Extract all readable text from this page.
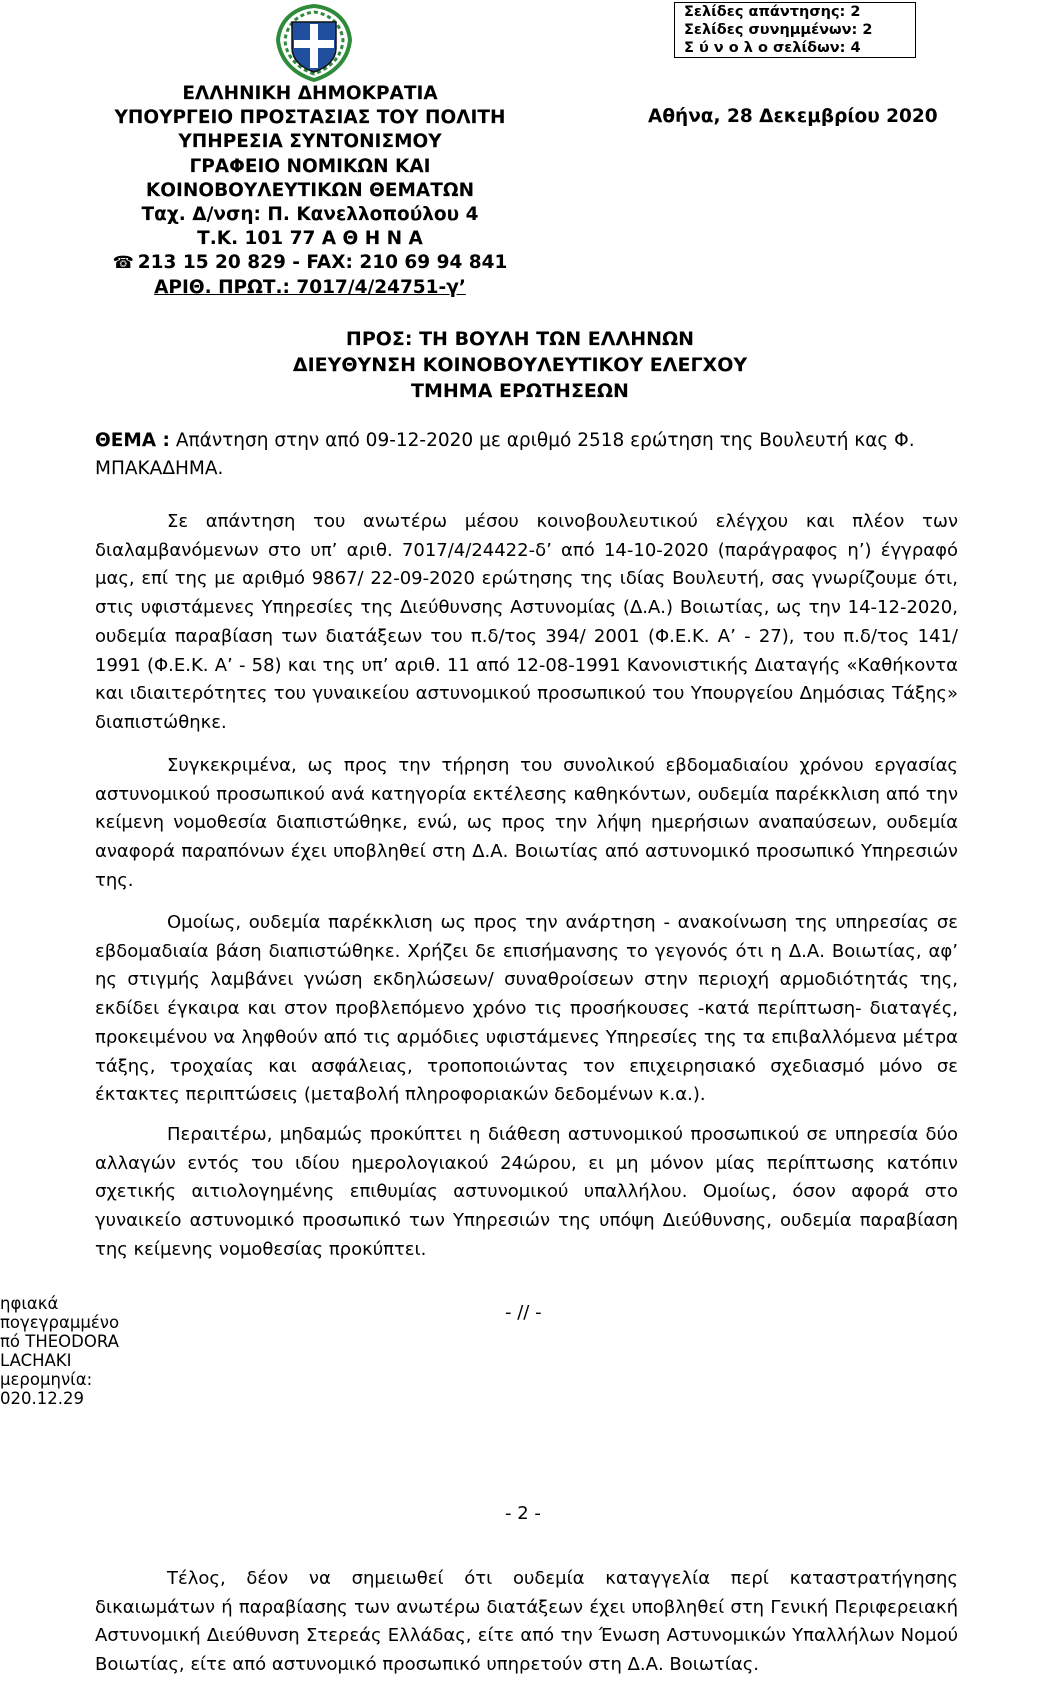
Σελίδες απάντησης: 2
Σελίδες συνημμένων: 2
Σ ύ ν ο λ ο σελίδων: 4
ΕΛΛΗΝΙΚΗ ΔΗΜΟΚΡΑΤΙΑ
ΥΠΟΥΡΓΕΙΟ ΠΡΟΣΤΑΣΙΑΣ ΤΟΥ ΠΟΛΙΤΗ
ΥΠΗΡΕΣΙΑ ΣΥΝΤΟΝΙΣΜΟΥ
ΓΡΑΦΕΙΟ ΝΟΜΙΚΩΝ ΚΑΙ
ΚΟΙΝΟΒΟΥΛΕΥΤΙΚΩΝ ΘΕΜΑΤΩΝ
Ταχ. Δ/νση: Π. Κανελλοπούλου 4
Τ.Κ. 101 77 Α Θ Η Ν Α
☎ 213 15 20 829 - FAX: 210 69 94 841
ΑΡΙΘ. ΠΡΩΤ.: 7017/4/24751-γ’
Αθήνα, 28 Δεκεμβρίου 2020
ΠΡΟΣ: ΤΗ ΒΟΥΛΗ ΤΩΝ ΕΛΛΗΝΩΝ
ΔΙΕΥΘΥΝΣΗ ΚΟΙΝΟΒΟΥΛΕΥΤΙΚΟΥ ΕΛΕΓΧΟΥ
ΤΜΗΜΑ ΕΡΩΤΗΣΕΩΝ
ΘΕΜΑ : Απάντηση στην από 09-12-2020 με αριθμό 2518 ερώτηση της Βουλευτή κας Φ. ΜΠΑΚΑΔΗΜΑ.

Σε απάντηση του ανωτέρω μέσου κοινοβουλευτικού ελέγχου και πλέον των διαλαμβανόμενων στο υπ’ αριθ. 7017/4/24422-δ’ από 14-10-2020 (παράγραφος η’) έγγραφό μας, επί της με αριθμό 9867/ 22-09-2020 ερώτησης της ιδίας Βουλευτή, σας γνωρίζουμε ότι, στις υφιστάμενες Υπηρεσίες της Διεύθυνσης Αστυνομίας (Δ.Α.) Βοιωτίας, ως την 14-12-2020, ουδεμία παραβίαση των διατάξεων του π.δ/τος 394/ 2001 (Φ.Ε.Κ. Α’ - 27), του π.δ/τος 141/ 1991 (Φ.Ε.Κ. Α’ - 58) και της υπ’ αριθ. 11 από 12-08-1991 Κανονιστικής Διαταγής «Καθήκοντα και ιδιαιτερότητες του γυναικείου αστυνομικού προσωπικού του Υπουργείου Δημόσιας Τάξης» διαπιστώθηκε.

Συγκεκριμένα, ως προς την τήρηση του συνολικού εβδομαδιαίου χρόνου εργασίας αστυνομικού προσωπικού ανά κατηγορία εκτέλεσης καθηκόντων, ουδεμία παρέκκλιση από την κείμενη νομοθεσία διαπιστώθηκε, ενώ, ως προς την λήψη ημερήσιων αναπαύσεων, ουδεμία αναφορά παραπόνων έχει υποβληθεί στη Δ.Α. Βοιωτίας από αστυνομικό προσωπικό Υπηρεσιών της.

Ομοίως, ουδεμία παρέκκλιση ως προς την ανάρτηση - ανακοίνωση της υπηρεσίας σε εβδομαδιαία βάση διαπιστώθηκε. Χρήζει δε επισήμανσης το γεγονός ότι η Δ.Α. Βοιωτίας, αφ’ ης στιγμής λαμβάνει γνώση εκδηλώσεων/ συναθροίσεων στην περιοχή αρμοδιότητάς της, εκδίδει έγκαιρα και στον προβλεπόμενο χρόνο τις προσήκουσες -κατά περίπτωση- διαταγές, προκειμένου να ληφθούν από τις αρμόδιες υφιστάμενες Υπηρεσίες της τα επιβαλλόμενα μέτρα τάξης, τροχαίας και ασφάλειας, τροποποιώντας τον επιχειρησιακό σχεδιασμό μόνο σε έκτακτες περιπτώσεις (μεταβολή πληροφοριακών δεδομένων κ.α.).

Περαιτέρω, μηδαμώς προκύπτει η διάθεση αστυνομικού προσωπικού σε υπηρεσία δύο αλλαγών εντός του ιδίου ημερολογιακού 24ώρου, ει μη μόνον μίας περίπτωσης κατόπιν σχετικής αιτιολογημένης επιθυμίας αστυνομικού υπαλλήλου. Ομοίως, όσον αφορά στο γυναικείο αστυνομικό προσωπικό των Υπηρεσιών της υπόψη Διεύθυνσης, ουδεμία παραβίαση της κείμενης νομοθεσίας προκύπτει.

- // -
ηφιακά
πογεγραμμένο
πό THEODORA
LACHAKI
μερομηνία:
020.12.29
- 2 -

Τέλος, δέον να σημειωθεί ότι ουδεμία καταγγελία περί καταστρατήγησης δικαιωμάτων ή παραβίασης των ανωτέρω διατάξεων έχει υποβληθεί στη Γενική Περιφερειακή Αστυνομική Διεύθυνση Στερεάς Ελλάδας, είτε από την Ένωση Αστυνομικών Υπαλλήλων Νομού Βοιωτίας, είτε από αστυνομικό προσωπικό υπηρετούν στη Δ.Α. Βοιωτίας.
